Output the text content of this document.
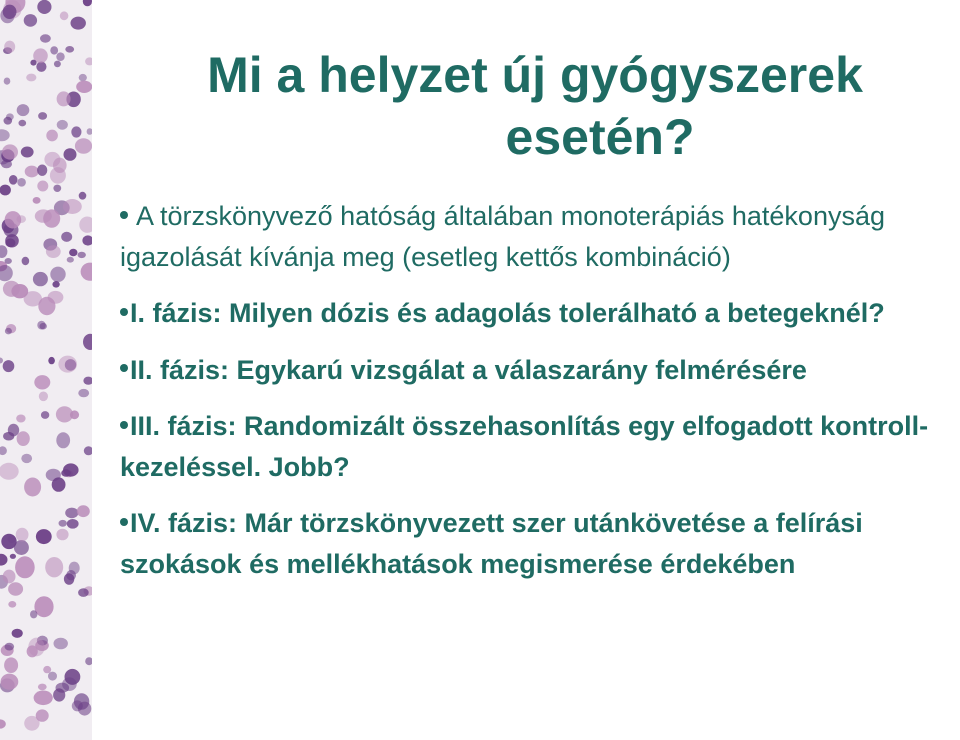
Mi a helyzet új gyógyszerek
esetén?
A törzskönyvező hatóság általában monoterápiás hatékonyság igazolását kívánja meg (esetleg kettős kombináció)
I. fázis: Milyen dózis és adagolás tolerálható a betegeknél?
II. fázis: Egykarú vizsgálat a válaszarány felmérésére
III. fázis: Randomizált összehasonlítás egy elfogadott kontroll-kezeléssel. Jobb?
IV. fázis: Már törzskönyvezett szer utánkövetése a felírási szokások és mellékhatások megismerése érdekében
